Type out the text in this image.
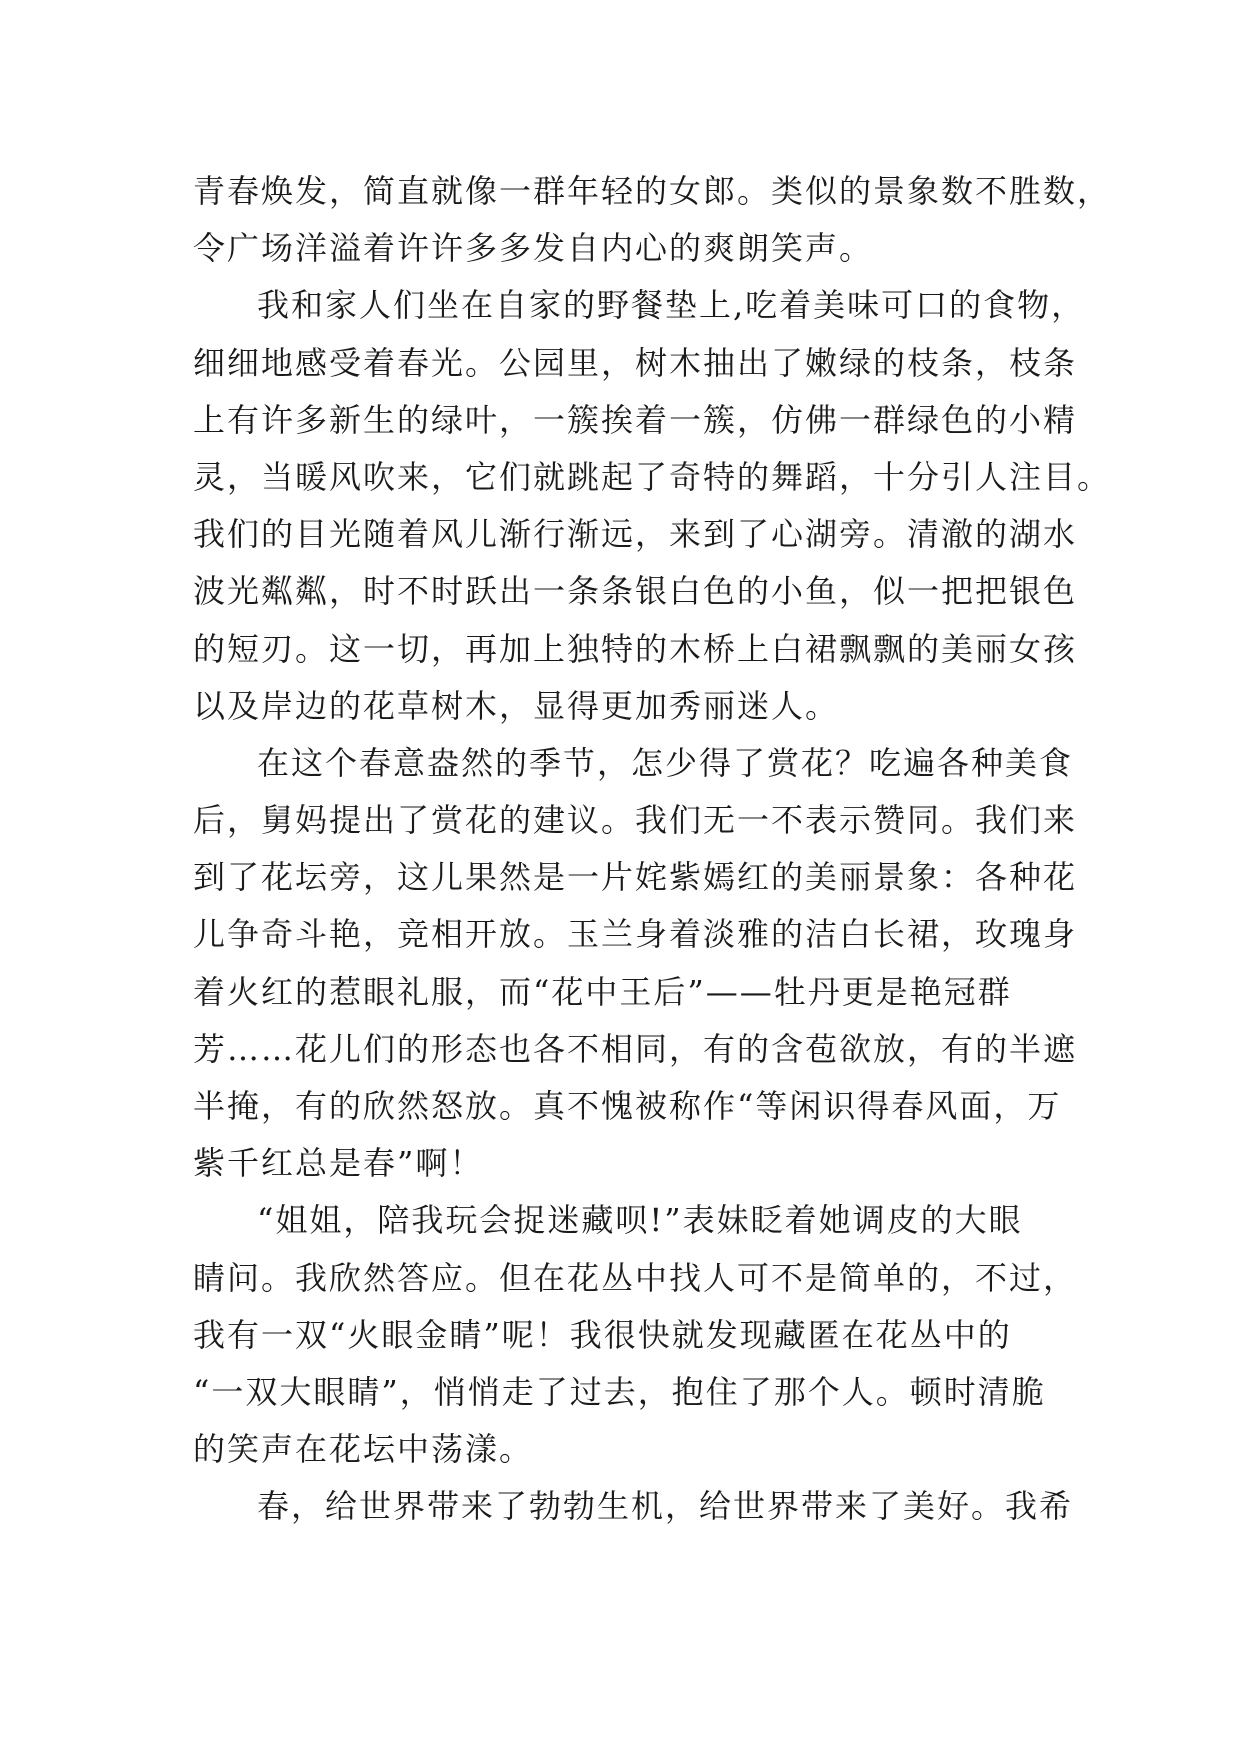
青春焕发，简直就像一群年轻的女郎。类似的景象数不胜数，
令广场洋溢着许许多多发自内心的爽朗笑声。
我和家人们坐在自家的野餐垫上,吃着美味可口的食物，
细细地感受着春光。公园里，树木抽出了嫩绿的枝条，枝条
上有许多新生的绿叶，一簇挨着一簇，仿佛一群绿色的小精
灵，当暖风吹来，它们就跳起了奇特的舞蹈，十分引人注目。
我们的目光随着风儿渐行渐远，来到了心湖旁。清澈的湖水
波光粼粼，时不时跃出一条条银白色的小鱼，似一把把银色
的短刃。这一切，再加上独特的木桥上白裙飘飘的美丽女孩
以及岸边的花草树木，显得更加秀丽迷人。
在这个春意盎然的季节，怎少得了赏花？吃遍各种美食
后，舅妈提出了赏花的建议。我们无一不表示赞同。我们来
到了花坛旁，这儿果然是一片姹紫嫣红的美丽景象：各种花
儿争奇斗艳，竞相开放。玉兰身着淡雅的洁白长裙，玫瑰身
着火红的惹眼礼服，而“花中王后”——牡丹更是艳冠群
芳……花儿们的形态也各不相同，有的含苞欲放，有的半遮
半掩，有的欣然怒放。真不愧被称作“等闲识得春风面，万
紫千红总是春”啊！
“姐姐，陪我玩会捉迷藏呗!”表妹眨着她调皮的大眼
睛问。我欣然答应。但在花丛中找人可不是简单的，不过，
我有一双“火眼金睛”呢！我很快就发现藏匿在花丛中的
“一双大眼睛”，悄悄走了过去，抱住了那个人。顿时清脆
的笑声在花坛中荡漾。
春，给世界带来了勃勃生机，给世界带来了美好。我希
